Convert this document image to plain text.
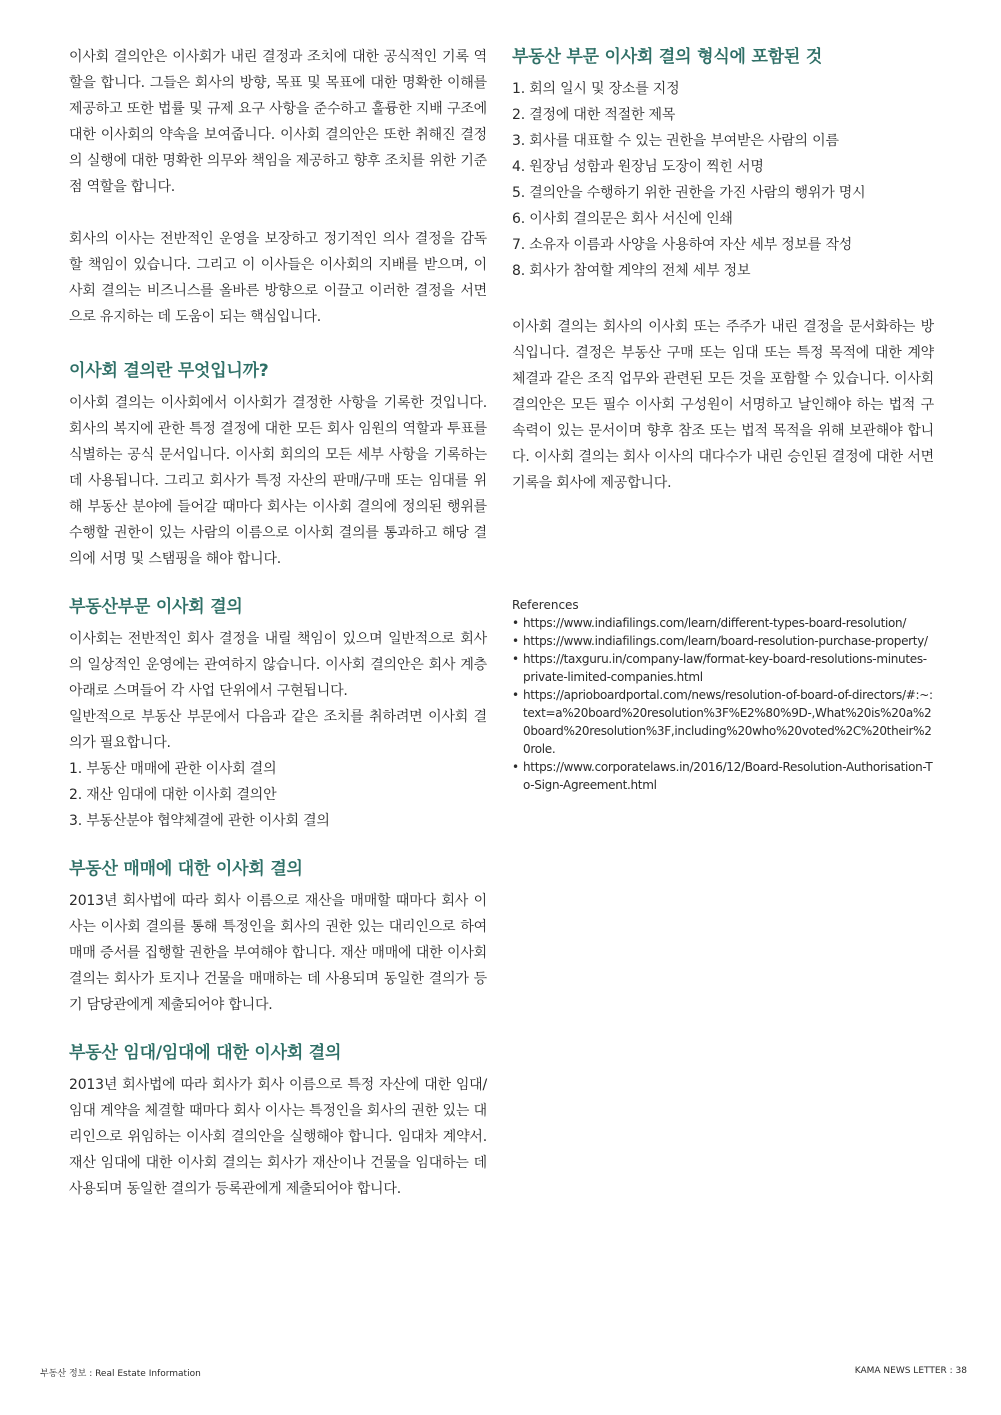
이사회 결의안은 이사회가 내린 결정과 조치에 대한 공식적인 기록 역할을 합니다. 그들은 회사의 방향, 목표 및 목표에 대한 명확한 이해를 제공하고 또한 법률 및 규제 요구 사항을 준수하고 훌륭한 지배 구조에 대한 이사회의 약속을 보여줍니다. 이사회 결의안은 또한 취해진 결정의 실행에 대한 명확한 의무와 책임을 제공하고 향후 조치를 위한 기준점 역할을 합니다.

회사의 이사는 전반적인 운영을 보장하고 정기적인 의사 결정을 감독할 책임이 있습니다. 그리고 이 이사들은 이사회의 지배를 받으며, 이사회 결의는 비즈니스를 올바른 방향으로 이끌고 이러한 결정을 서면으로 유지하는 데 도움이 되는 핵심입니다.

이사회 결의란 무엇입니까?

이사회 결의는 이사회에서 이사회가 결정한 사항을 기록한 것입니다. 회사의 복지에 관한 특정 결정에 대한 모든 회사 임원의 역할과 투표를 식별하는 공식 문서입니다. 이사회 회의의 모든 세부 사항을 기록하는 데 사용됩니다. 그리고 회사가 특정 자산의 판매/구매 또는 임대를 위해 부동산 분야에 들어갈 때마다 회사는 이사회 결의에 정의된 행위를 수행할 권한이 있는 사람의 이름으로 이사회 결의를 통과하고 해당 결의에 서명 및 스탬핑을 해야 합니다.

부동산부문 이사회 결의

이사회는 전반적인 회사 결정을 내릴 책임이 있으며 일반적으로 회사의 일상적인 운영에는 관여하지 않습니다. 이사회 결의안은 회사 계층 아래로 스며들어 각 사업 단위에서 구현됩니다.

일반적으로 부동산 부문에서 다음과 같은 조치를 취하려면 이사회 결의가 필요합니다.

1. 부동산 매매에 관한 이사회 결의

2. 재산 임대에 대한 이사회 결의안

3. 부동산분야 협약체결에 관한 이사회 결의

부동산 매매에 대한 이사회 결의

2013년 회사법에 따라 회사 이름으로 재산을 매매할 때마다 회사 이사는 이사회 결의를 통해 특정인을 회사의 권한 있는 대리인으로 하여 매매 증서를 집행할 권한을 부여해야 합니다. 재산 매매에 대한 이사회 결의는 회사가 토지나 건물을 매매하는 데 사용되며 동일한 결의가 등기 담당관에게 제출되어야 합니다.

부동산 임대/임대에 대한 이사회 결의

2013년 회사법에 따라 회사가 회사 이름으로 특정 자산에 대한 임대/임대 계약을 체결할 때마다 회사 이사는 특정인을 회사의 권한 있는 대리인으로 위임하는 이사회 결의안을 실행해야 합니다. 임대차 계약서. 재산 임대에 대한 이사회 결의는 회사가 재산이나 건물을 임대하는 데 사용되며 동일한 결의가 등록관에게 제출되어야 합니다.

부동산 부문 이사회 결의 형식에 포함된 것

1. 회의 일시 및 장소를 지정

2. 결정에 대한 적절한 제목

3. 회사를 대표할 수 있는 권한을 부여받은 사람의 이름

4. 원장님 성함과 원장님 도장이 찍힌 서명

5. 결의안을 수행하기 위한 권한을 가진 사람의 행위가 명시

6. 이사회 결의문은 회사 서신에 인쇄

7. 소유자 이름과 사양을 사용하여 자산 세부 정보를 작성

8. 회사가 참여할 계약의 전체 세부 정보

이사회 결의는 회사의 이사회 또는 주주가 내린 결정을 문서화하는 방식입니다. 결정은 부동산 구매 또는 임대 또는 특정 목적에 대한 계약 체결과 같은 조직 업무와 관련된 모든 것을 포함할 수 있습니다. 이사회 결의안은 모든 필수 이사회 구성원이 서명하고 날인해야 하는 법적 구속력이 있는 문서이며 향후 참조 또는 법적 목적을 위해 보관해야 합니다. 이사회 결의는 회사 이사의 대다수가 내린 승인된 결정에 대한 서면 기록을 회사에 제공합니다.

References

• https://www.indiafilings.com/learn/different-types-board-resolution/
• https://www.indiafilings.com/learn/board-resolution-purchase-property/
• https://taxguru.in/company-law/format-key-board-resolutions-minutes-private-limited-companies.html
• https://aprioboardportal.com/news/resolution-of-board-of-directors/#:~:text=a%20board%20resolution%3F%E2%80%9D-,What%20is%20a%20board%20resolution%3F,including%20who%20voted%2C%20their%20role.
• https://www.corporatelaws.in/2016/12/Board-Resolution-Authorisation-To-Sign-Agreement.html
부동산 정보 : Real Estate Information	KAMA NEWS LETTER : 38
